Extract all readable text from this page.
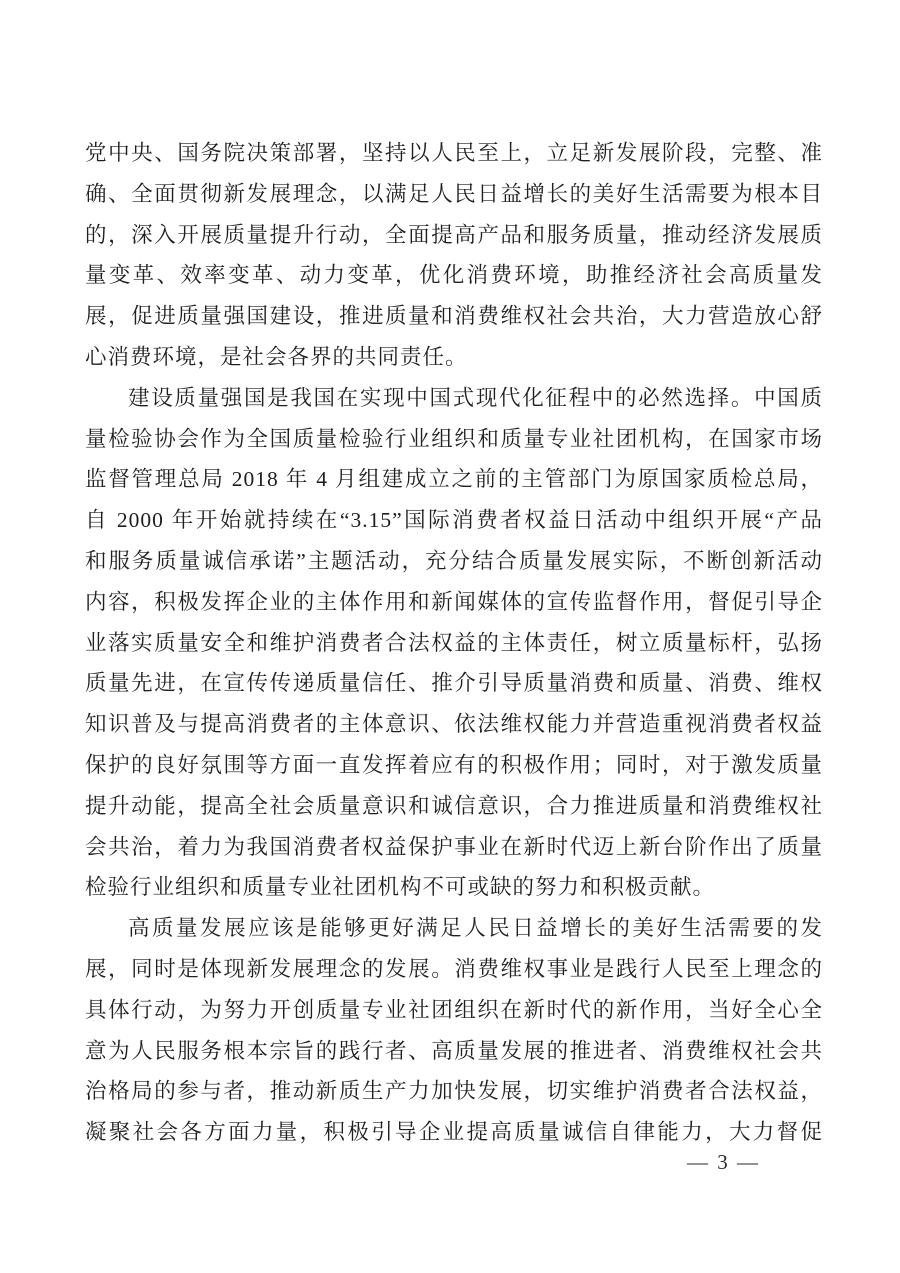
党中央、国务院决策部署，坚持以人民至上，立足新发展阶段，完整、准
确、全面贯彻新发展理念，以满足人民日益增长的美好生活需要为根本目
的，深入开展质量提升行动，全面提高产品和服务质量，推动经济发展质
量变革、效率变革、动力变革，优化消费环境，助推经济社会高质量发
展，促进质量强国建设，推进质量和消费维权社会共治，大力营造放心舒
心消费环境，是社会各界的共同责任。
建设质量强国是我国在实现中国式现代化征程中的必然选择。中国质
量检验协会作为全国质量检验行业组织和质量专业社团机构，在国家市场
监督管理总局 2018 年 4 月组建成立之前的主管部门为原国家质检总局，
自 2000 年开始就持续在“3.15”国际消费者权益日活动中组织开展“产品
和服务质量诚信承诺”主题活动，充分结合质量发展实际，不断创新活动
内容，积极发挥企业的主体作用和新闻媒体的宣传监督作用，督促引导企
业落实质量安全和维护消费者合法权益的主体责任，树立质量标杆，弘扬
质量先进，在宣传传递质量信任、推介引导质量消费和质量、消费、维权
知识普及与提高消费者的主体意识、依法维权能力并营造重视消费者权益
保护的良好氛围等方面一直发挥着应有的积极作用；同时，对于激发质量
提升动能，提高全社会质量意识和诚信意识，合力推进质量和消费维权社
会共治，着力为我国消费者权益保护事业在新时代迈上新台阶作出了质量
检验行业组织和质量专业社团机构不可或缺的努力和积极贡献。
高质量发展应该是能够更好满足人民日益增长的美好生活需要的发
展，同时是体现新发展理念的发展。消费维权事业是践行人民至上理念的
具体行动，为努力开创质量专业社团组织在新时代的新作用，当好全心全
意为人民服务根本宗旨的践行者、高质量发展的推进者、消费维权社会共
治格局的参与者，推动新质生产力加快发展，切实维护消费者合法权益，
凝聚社会各方面力量，积极引导企业提高质量诚信自律能力，大力督促
— 3 —
